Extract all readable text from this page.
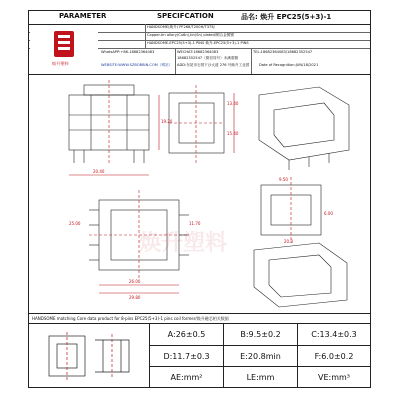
PARAMETER	SPECIFCATION	品名: 焕升 EPC25(5+3)-1
HANDSOME(焕升) PF268/T200H/T375J
Copper-tin allory(Cu6n),tin(Sn) plated/铜合金镀锡
HANDSOME-EPC25(5+3)-1 PINS 焕升-EPC25(5+3)-1 PINS
WhatsAPP:+86-18682364083	WECHAT:18682364083
18682352547（微信同号）未满需额
TEL:18682364083/18682352547
WEBSITE:WWW.SZBOBBIN.COM（网站） ADD:东莞市石排下沙大道 276 号焕升工业园	Date of Recognition:JUN/18/2021
焕升塑料
20.40
19.20
13.40
15.40
26.00
29.80
25.00	11.70
9.50
6.00
20.8
焕升塑料
HANDSOME matching Core data product for 8-pins EPC25(5+3)-1 pins coil former/焕升磁芯相关数据
A:26±0.5	B:9.5±0.2	C:13.4±0.3
D:11.7±0.3	E:20.8min	F:6.0±0.2
AE:mm²	LE:mm	VE:mm³
